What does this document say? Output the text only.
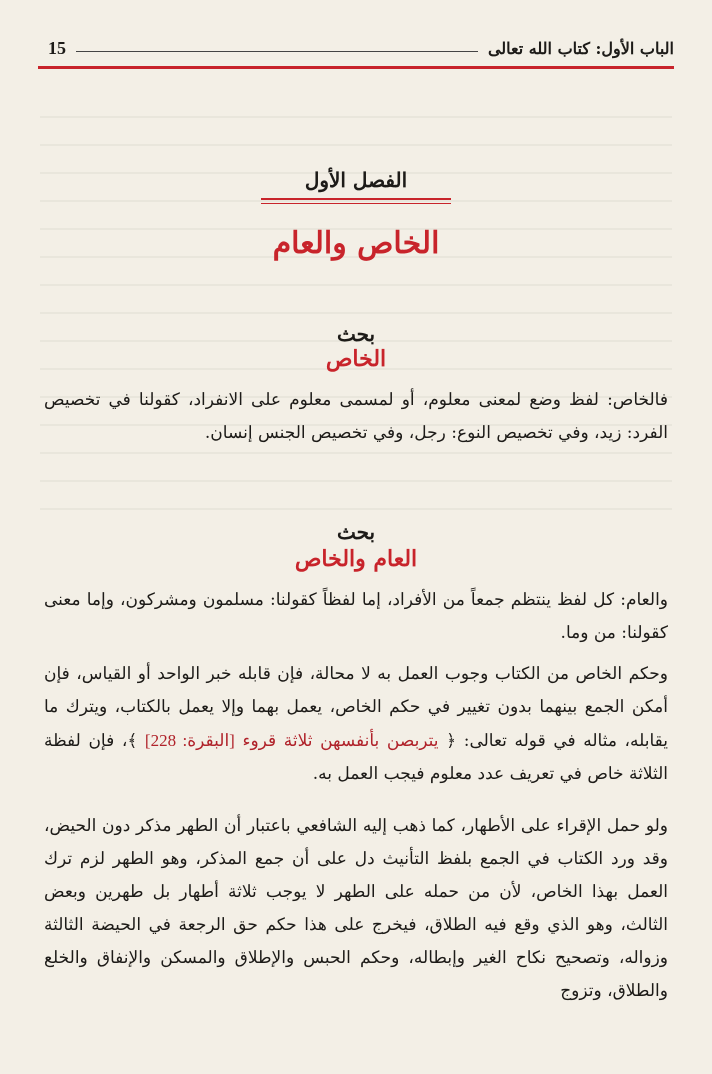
الباب الأول: كتاب الله تعالى
15
الفصل الأول
الخاص والعام
بحث
الخاص
فالخاص: لفظ وضع لمعنى معلوم، أو لمسمى معلوم على الانفراد، كقولنا في تخصيص الفرد: زيد، وفي تخصيص النوع: رجل، وفي تخصيص الجنس إنسان.
بحث
العام والخاص
والعام: كل لفظ ينتظم جمعاً من الأفراد، إما لفظاً كقولنا: مسلمون ومشركون، وإما معنى كقولنا: من وما.
وحكم الخاص من الكتاب وجوب العمل به لا محالة، فإن قابله خبر الواحد أو القياس، فإن أمكن الجمع بينهما بدون تغيير في حكم الخاص، يعمل بهما وإلا يعمل بالكتاب، ويترك ما يقابله، مثاله في قوله تعالى: ﴿ يتربصن بأنفسهن ثلاثة قروء [البقرة: 228] ﴾، فإن لفظة الثلاثة خاص في تعريف عدد معلوم فيجب العمل به.
ولو حمل الإقراء على الأطهار، كما ذهب إليه الشافعي باعتبار أن الطهر مذكر دون الحيض، وقد ورد الكتاب في الجمع بلفظ التأنيث دل على أن جمع المذكر، وهو الطهر لزم ترك العمل بهذا الخاص، لأن من حمله على الطهر لا يوجب ثلاثة أطهار بل طهرين وبعض الثالث، وهو الذي وقع فيه الطلاق، فيخرج على هذا حكم حق الرجعة في الحيضة الثالثة وزواله، وتصحيح نكاح الغير وإبطاله، وحكم الحبس والإطلاق والمسكن والإنفاق والخلع والطلاق، وتزوج
